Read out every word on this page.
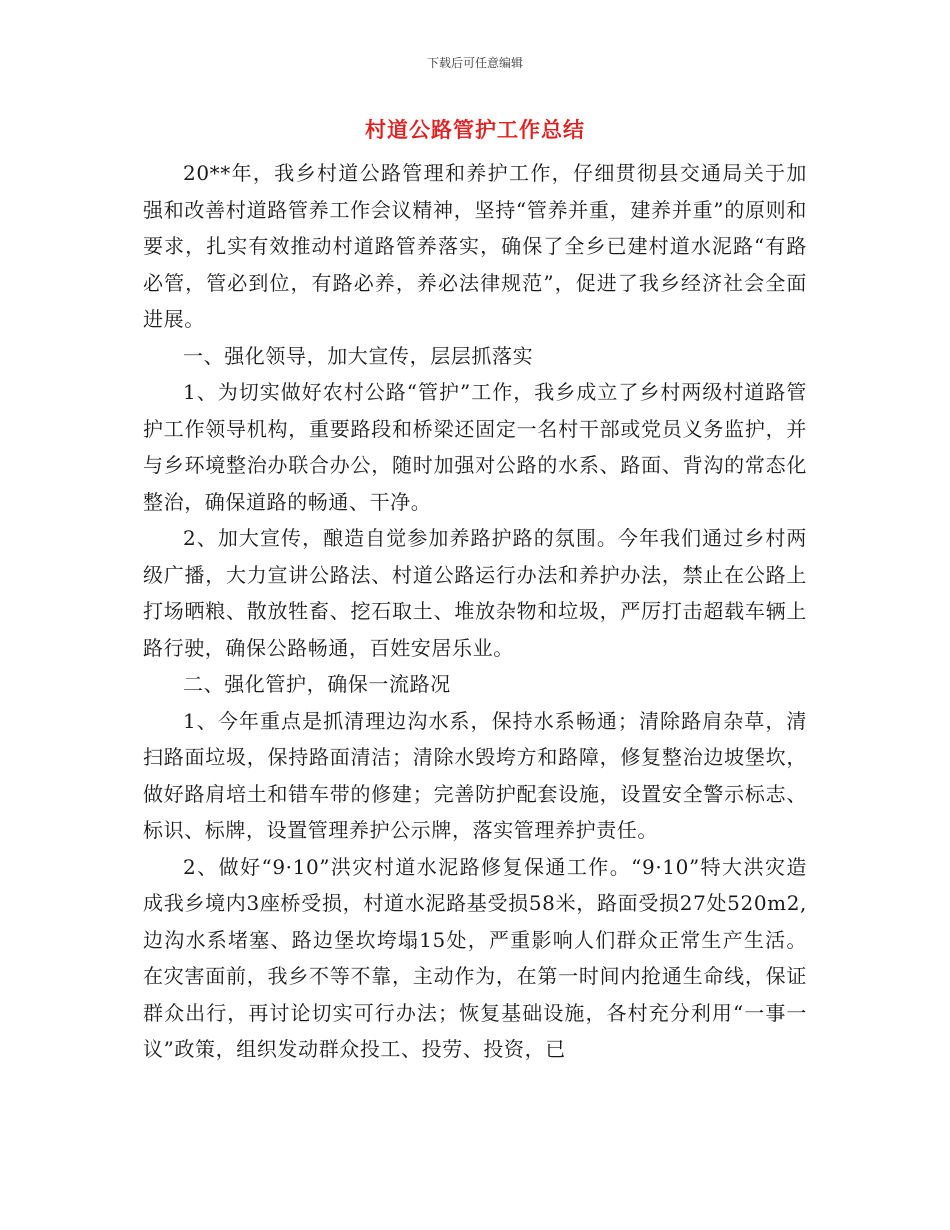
下载后可任意编辑
村道公路管护工作总结

20**年，我乡村道公路管理和养护工作，仔细贯彻县交通局关于加强和改善村道路管养工作会议精神，坚持“管养并重，建养并重”的原则和要求，扎实有效推动村道路管养落实，确保了全乡已建村道水泥路“有路必管，管必到位，有路必养，养必法律规范”，促进了我乡经济社会全面进展。

一、强化领导，加大宣传，层层抓落实

1、为切实做好农村公路“管护”工作，我乡成立了乡村两级村道路管护工作领导机构，重要路段和桥梁还固定一名村干部或党员义务监护，并与乡环境整治办联合办公，随时加强对公路的水系、路面、背沟的常态化整治，确保道路的畅通、干净。

2、加大宣传，酿造自觉参加养路护路的氛围。今年我们通过乡村两级广播，大力宣讲公路法、村道公路运行办法和养护办法，禁止在公路上打场晒粮、散放牲畜、挖石取土、堆放杂物和垃圾，严厉打击超载车辆上路行驶，确保公路畅通，百姓安居乐业。

二、强化管护，确保一流路况

1、今年重点是抓清理边沟水系，保持水系畅通；清除路肩杂草，清扫路面垃圾，保持路面清洁；清除水毁垮方和路障，修复整治边坡堡坎，做好路肩培土和错车带的修建；完善防护配套设施，设置安全警示标志、标识、标牌，设置管理养护公示牌，落实管理养护责任。

2、做好“9·10”洪灾村道水泥路修复保通工作。“9·10”特大洪灾造成我乡境内3座桥受损，村道水泥路基受损58米，路面受损27处520m2,边沟水系堵塞、路边堡坎垮塌15处，严重影响人们群众正常生产生活。在灾害面前，我乡不等不靠，主动作为，在第一时间内抢通生命线，保证群众出行，再讨论切实可行办法；恢复基础设施，各村充分利用“一事一议”政策，组织发动群众投工、投劳、投资，已
